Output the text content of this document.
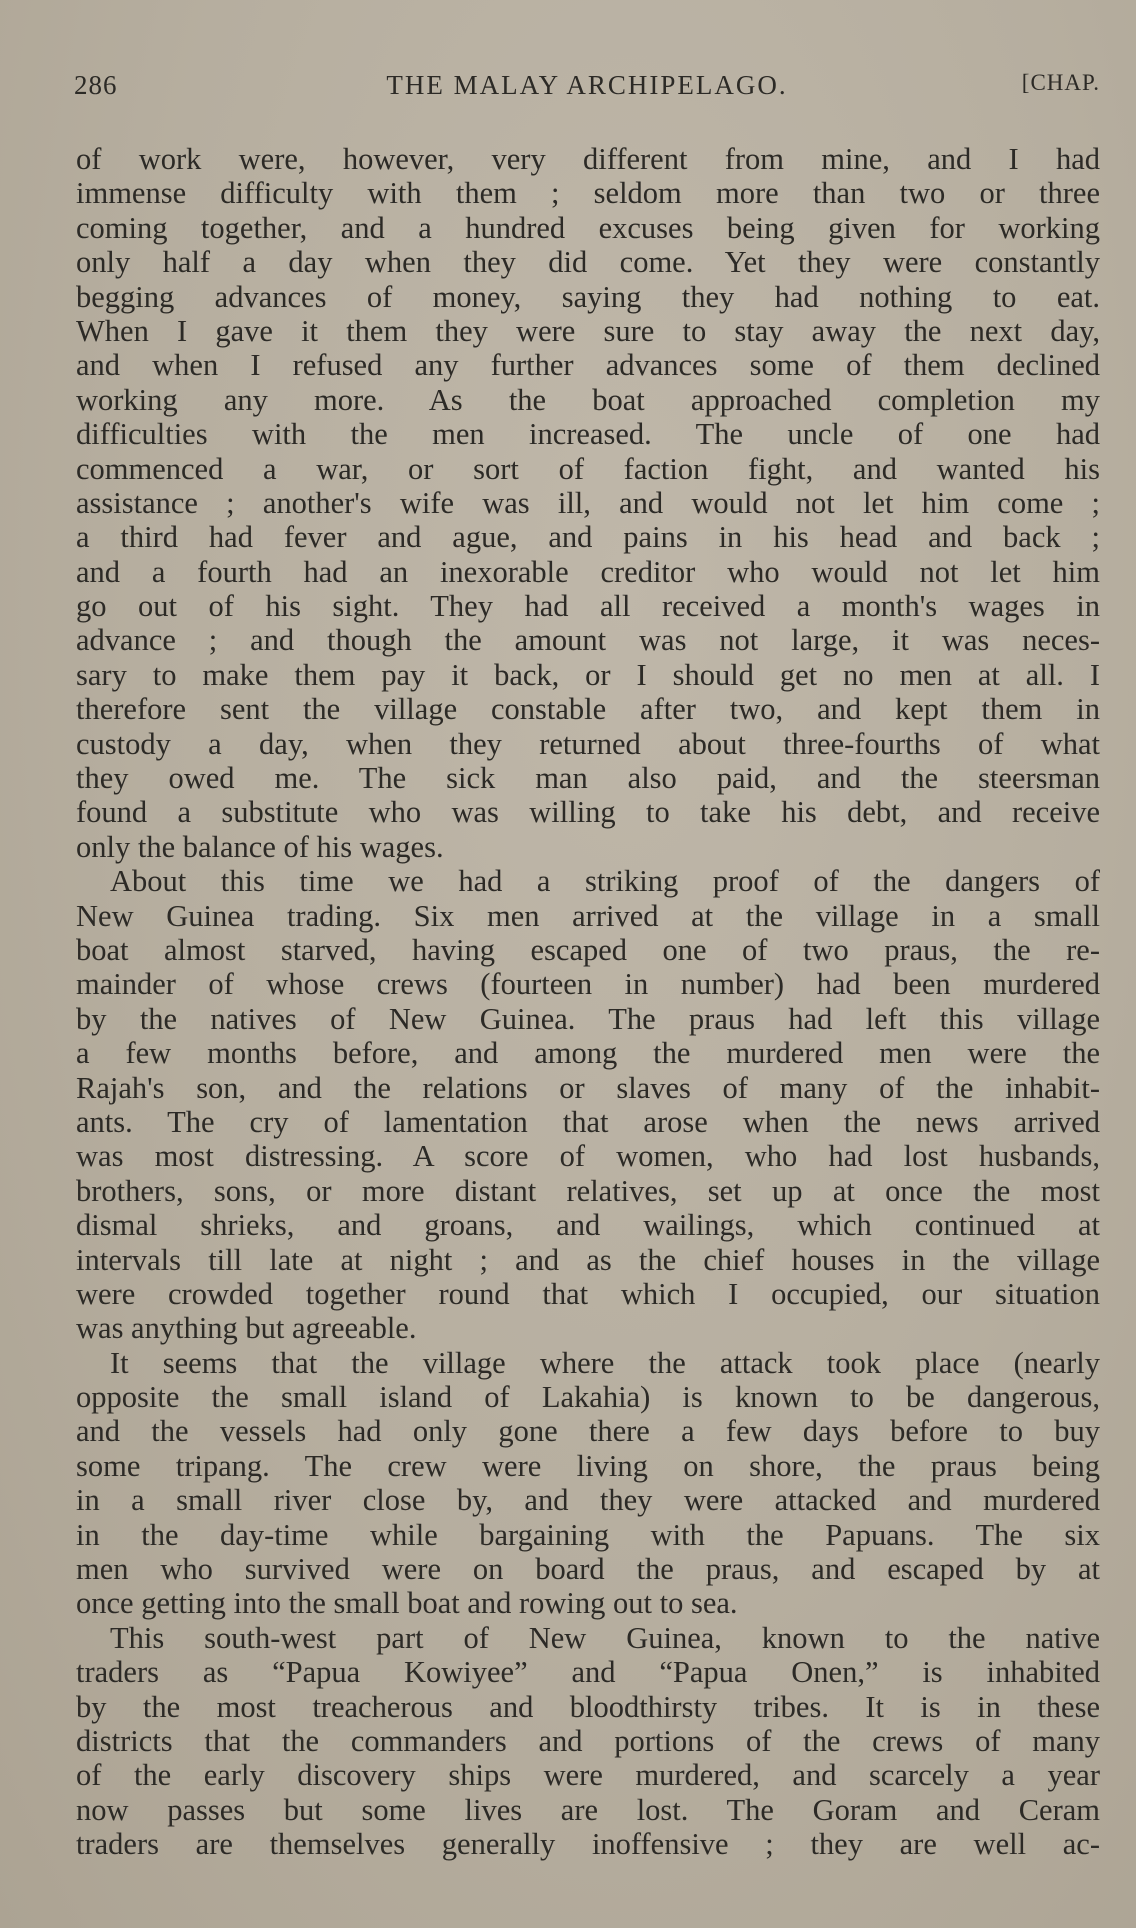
286	THE MALAY ARCHIPELAGO.	[CHAP.
of work were, however, very different from mine, and I had
immense difficulty with them ; seldom more than two or three
coming together, and a hundred excuses being given for working
only half a day when they did come. Yet they were constantly
begging advances of money, saying they had nothing to eat.
When I gave it them they were sure to stay away the next day,
and when I refused any further advances some of them declined
working any more. As the boat approached completion my
difficulties with the men increased. The uncle of one had
commenced a war, or sort of faction fight, and wanted his
assistance ; another's wife was ill, and would not let him come ;
a third had fever and ague, and pains in his head and back ;
and a fourth had an inexorable creditor who would not let him
go out of his sight. They had all received a month's wages in
advance ; and though the amount was not large, it was neces-
sary to make them pay it back, or I should get no men at all. I
therefore sent the village constable after two, and kept them in
custody a day, when they returned about three-fourths of what
they owed me. The sick man also paid, and the steersman
found a substitute who was willing to take his debt, and receive
only the balance of his wages.
About this time we had a striking proof of the dangers of
New Guinea trading. Six men arrived at the village in a small
boat almost starved, having escaped one of two praus, the re-
mainder of whose crews (fourteen in number) had been murdered
by the natives of New Guinea. The praus had left this village
a few months before, and among the murdered men were the
Rajah's son, and the relations or slaves of many of the inhabit-
ants. The cry of lamentation that arose when the news arrived
was most distressing. A score of women, who had lost husbands,
brothers, sons, or more distant relatives, set up at once the most
dismal shrieks, and groans, and wailings, which continued at
intervals till late at night ; and as the chief houses in the village
were crowded together round that which I occupied, our situation
was anything but agreeable.
It seems that the village where the attack took place (nearly
opposite the small island of Lakahia) is known to be dangerous,
and the vessels had only gone there a few days before to buy
some tripang. The crew were living on shore, the praus being
in a small river close by, and they were attacked and murdered
in the day-time while bargaining with the Papuans. The six
men who survived were on board the praus, and escaped by at
once getting into the small boat and rowing out to sea.
This south-west part of New Guinea, known to the native
traders as “Papua Kowiyee” and “Papua Onen,” is inhabited
by the most treacherous and bloodthirsty tribes. It is in these
districts that the commanders and portions of the crews of many
of the early discovery ships were murdered, and scarcely a year
now passes but some lives are lost. The Goram and Ceram
traders are themselves generally inoffensive ; they are well ac-
